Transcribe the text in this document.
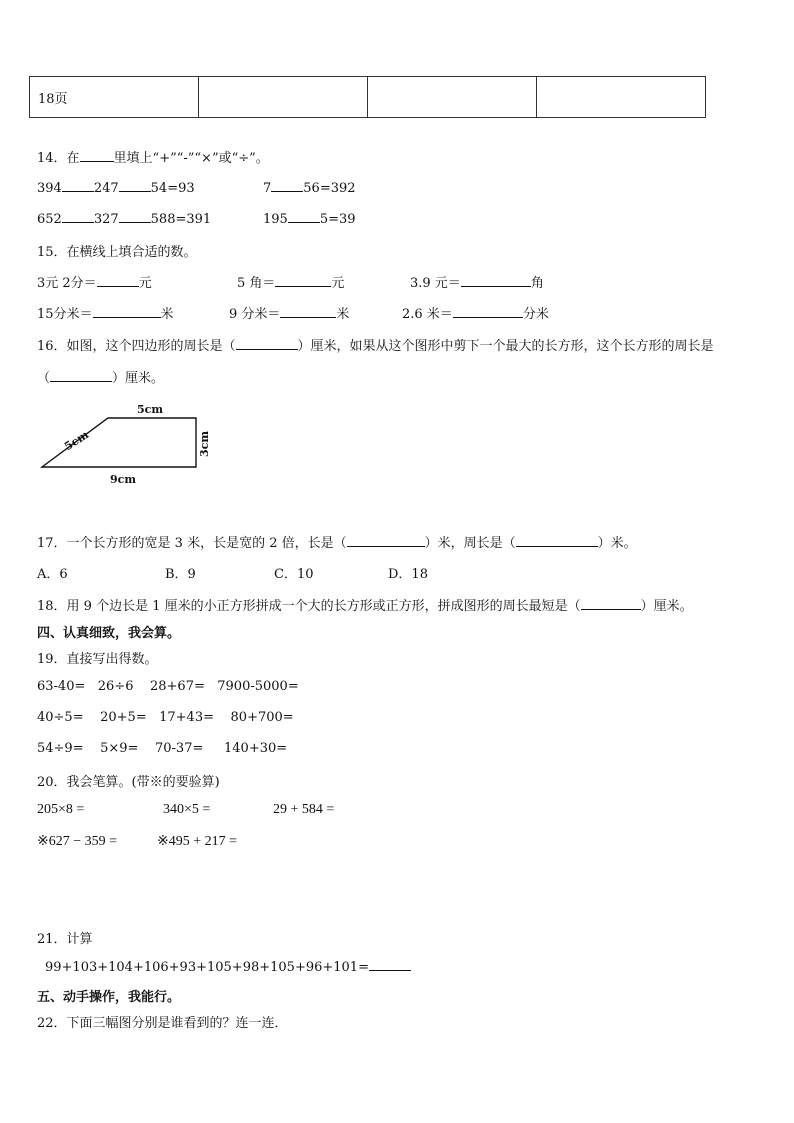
18页			
14．在	里填上“+”“-”“×”或“÷”。
394 247 54=93	7 56=392
652 327 588=391	195 5=39
15．在横线上填合适的数。
3元 2分＝	元	5 角＝	元	3.9 元＝	角
15分米＝	米	9 分米＝	米	2.6 米＝	分米
16．如图，这个四边形的周长是（	）厘米，如果从这个图形中剪下一个最大的长方形，这个长方形的周长是
（	）厘米。
5cm
5cm	3cm
9cm
17．一个长方形的宽是 3 米，长是宽的 2 倍，长是（	）米，周长是（	）米。
A．6	B．9	C．10	D．18
18．用 9 个边长是 1 厘米的小正方形拼成一个大的长方形或正方形，拼成图形的周长最短是（	）厘米。
四、认真细致，我会算。
19．直接写出得数。
63-40=   26÷6    28+67=   7900-5000=
40÷5=    20+5=   17+43=    80+700=
54÷9=    5×9=    70-37=     140+30=
20．我会笔算。(带※的要验算)
205×8 =	340×5 =	29 + 584 =
※627 − 359 =	※495 + 217 =
21．计算
99+103+104+106+93+105+98+105+96+101=
五、动手操作，我能行。
22．下面三幅图分别是谁看到的？连一连．
